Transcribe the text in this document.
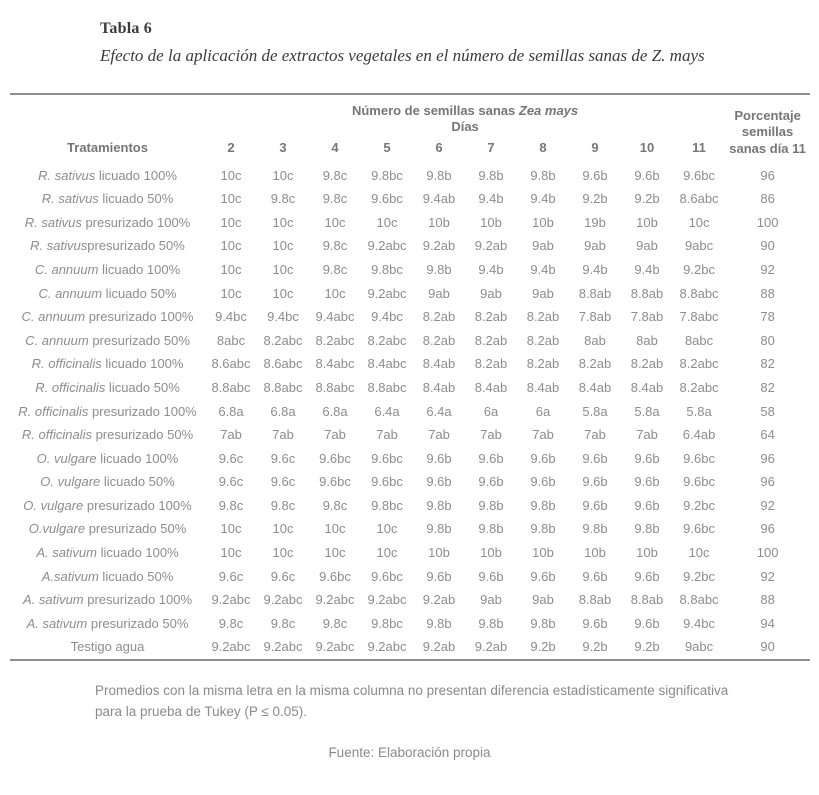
Tabla 6
Efecto de la aplicación de extractos vegetales en el número de semillas sanas de Z. mays

	Número de semillas sanas Zea mays
Días										Porcentaje semillas sanas día 11
Tratamientos	2	3	4	5	6	7	8	9	10	11	
R. sativus licuado 100%	10c	10c	9.8c	9.8bc	9.8b	9.8b	9.8b	9.6b	9.6b	9.6bc	96
R. sativus licuado 50%	10c	9.8c	9.8c	9.6bc	9.4ab	9.4b	9.4b	9.2b	9.2b	8.6abc	86
R. sativus presurizado 100%	10c	10c	10c	10c	10b	10b	10b	19b	10b	10c	100
R. sativuspresurizado 50%	10c	10c	9.8c	9.2abc	9.2ab	9.2ab	9ab	9ab	9ab	9abc	90
C. annuum licuado 100%	10c	10c	9.8c	9.8bc	9.8b	9.4b	9.4b	9.4b	9.4b	9.2bc	92
C. annuum licuado 50%	10c	10c	10c	9.2abc	9ab	9ab	9ab	8.8ab	8.8ab	8.8abc	88
C. annuum presurizado 100%	9.4bc	9.4bc	9.4abc	9.4bc	8.2ab	8.2ab	8.2ab	7.8ab	7.8ab	7.8abc	78
C. annuum presurizado 50%	8abc	8.2abc	8.2abc	8.2abc	8.2ab	8.2ab	8.2ab	8ab	8ab	8abc	80
R. officinalis licuado 100%	8.6abc	8.6abc	8.4abc	8.4abc	8.4ab	8.2ab	8.2ab	8.2ab	8.2ab	8.2abc	82
R. officinalis licuado 50%	8.8abc	8.8abc	8.8abc	8.8abc	8.4ab	8.4ab	8.4ab	8.4ab	8.4ab	8.2abc	82
R. officinalis presurizado 100%	6.8a	6.8a	6.8a	6.4a	6.4a	6a	6a	5.8a	5.8a	5.8a	58
R. officinalis presurizado 50%	7ab	7ab	7ab	7ab	7ab	7ab	7ab	7ab	7ab	6.4ab	64
O. vulgare licuado 100%	9.6c	9.6c	9.6bc	9.6bc	9.6b	9.6b	9.6b	9.6b	9.6b	9.6bc	96
O. vulgare licuado 50%	9.6c	9.6c	9.6bc	9.6bc	9.6b	9.6b	9.6b	9.6b	9.6b	9.6bc	96
O. vulgare presurizado 100%	9.8c	9.8c	9.8c	9.8bc	9.8b	9.8b	9.8b	9.6b	9.6b	9.2bc	92
O.vulgare presurizado 50%	10c	10c	10c	10c	9.8b	9.8b	9.8b	9.8b	9.8b	9.6bc	96
A. sativum licuado 100%	10c	10c	10c	10c	10b	10b	10b	10b	10b	10c	100
A.sativum licuado 50%	9.6c	9.6c	9.6bc	9.6bc	9.6b	9.6b	9.6b	9.6b	9.6b	9.2bc	92
A. sativum presurizado 100%	9.2abc	9.2abc	9.2abc	9.2abc	9.2ab	9ab	9ab	8.8ab	8.8ab	8.8abc	88
A. sativum presurizado 50%	9.8c	9.8c	9.8c	9.8bc	9.8b	9.8b	9.8b	9.6b	9.6b	9.4bc	94
Testigo agua	9.2abc	9.2abc	9.2abc	9.2abc	9.2ab	9.2ab	9.2b	9.2b	9.2b	9abc	90
Promedios con la misma letra en la misma columna no presentan diferencia estadísticamente significativa para la prueba de Tukey (P ≤ 0.05).
Fuente: Elaboración propia
